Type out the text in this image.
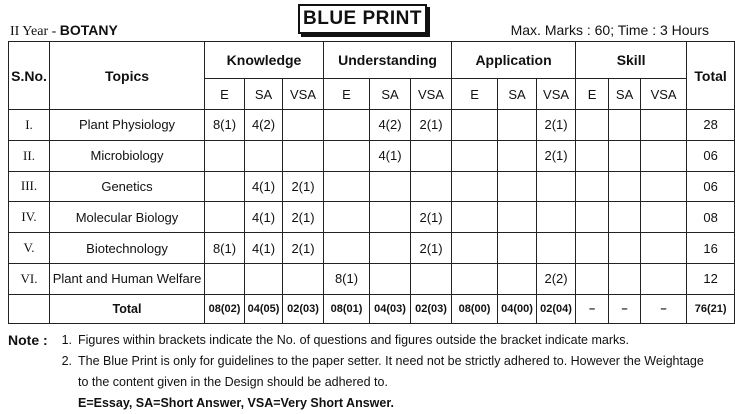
II Year - BOTANY
BLUE PRINT
Max. Marks : 60; Time : 3 Hours
S.No.	Topics	Knowledge			Understanding			Application			Skill			Total
		E	SA	VSA	E	SA	VSA	E	SA	VSA	E	SA	VSA	
I.	Plant Physiology	8(1)	4(2)			4(2)	2(1)			2(1)				28
II.	Microbiology					4(1)				2(1)				06
III.	Genetics		4(1)	2(1)										06
IV.	Molecular Biology		4(1)	2(1)			2(1)							08
V.	Biotechnology	8(1)	4(1)	2(1)			2(1)							16
VI.	Plant and Human Welfare				8(1)					2(2)				12
	Total	08(02)	04(05)	02(03)	08(01)	04(03)	02(03)	08(00)	04(00)	02(04)	–	–	–	76(21)
Note :	1. Figures within brackets indicate the No. of questions and figures outside the bracket indicate marks.
2. The Blue Print is only for guidelines to the paper setter. It need not be strictly adhered to. However the Weightage to the content given in the Design should be adhered to.
E=Essay, SA=Short Answer, VSA=Very Short Answer.
